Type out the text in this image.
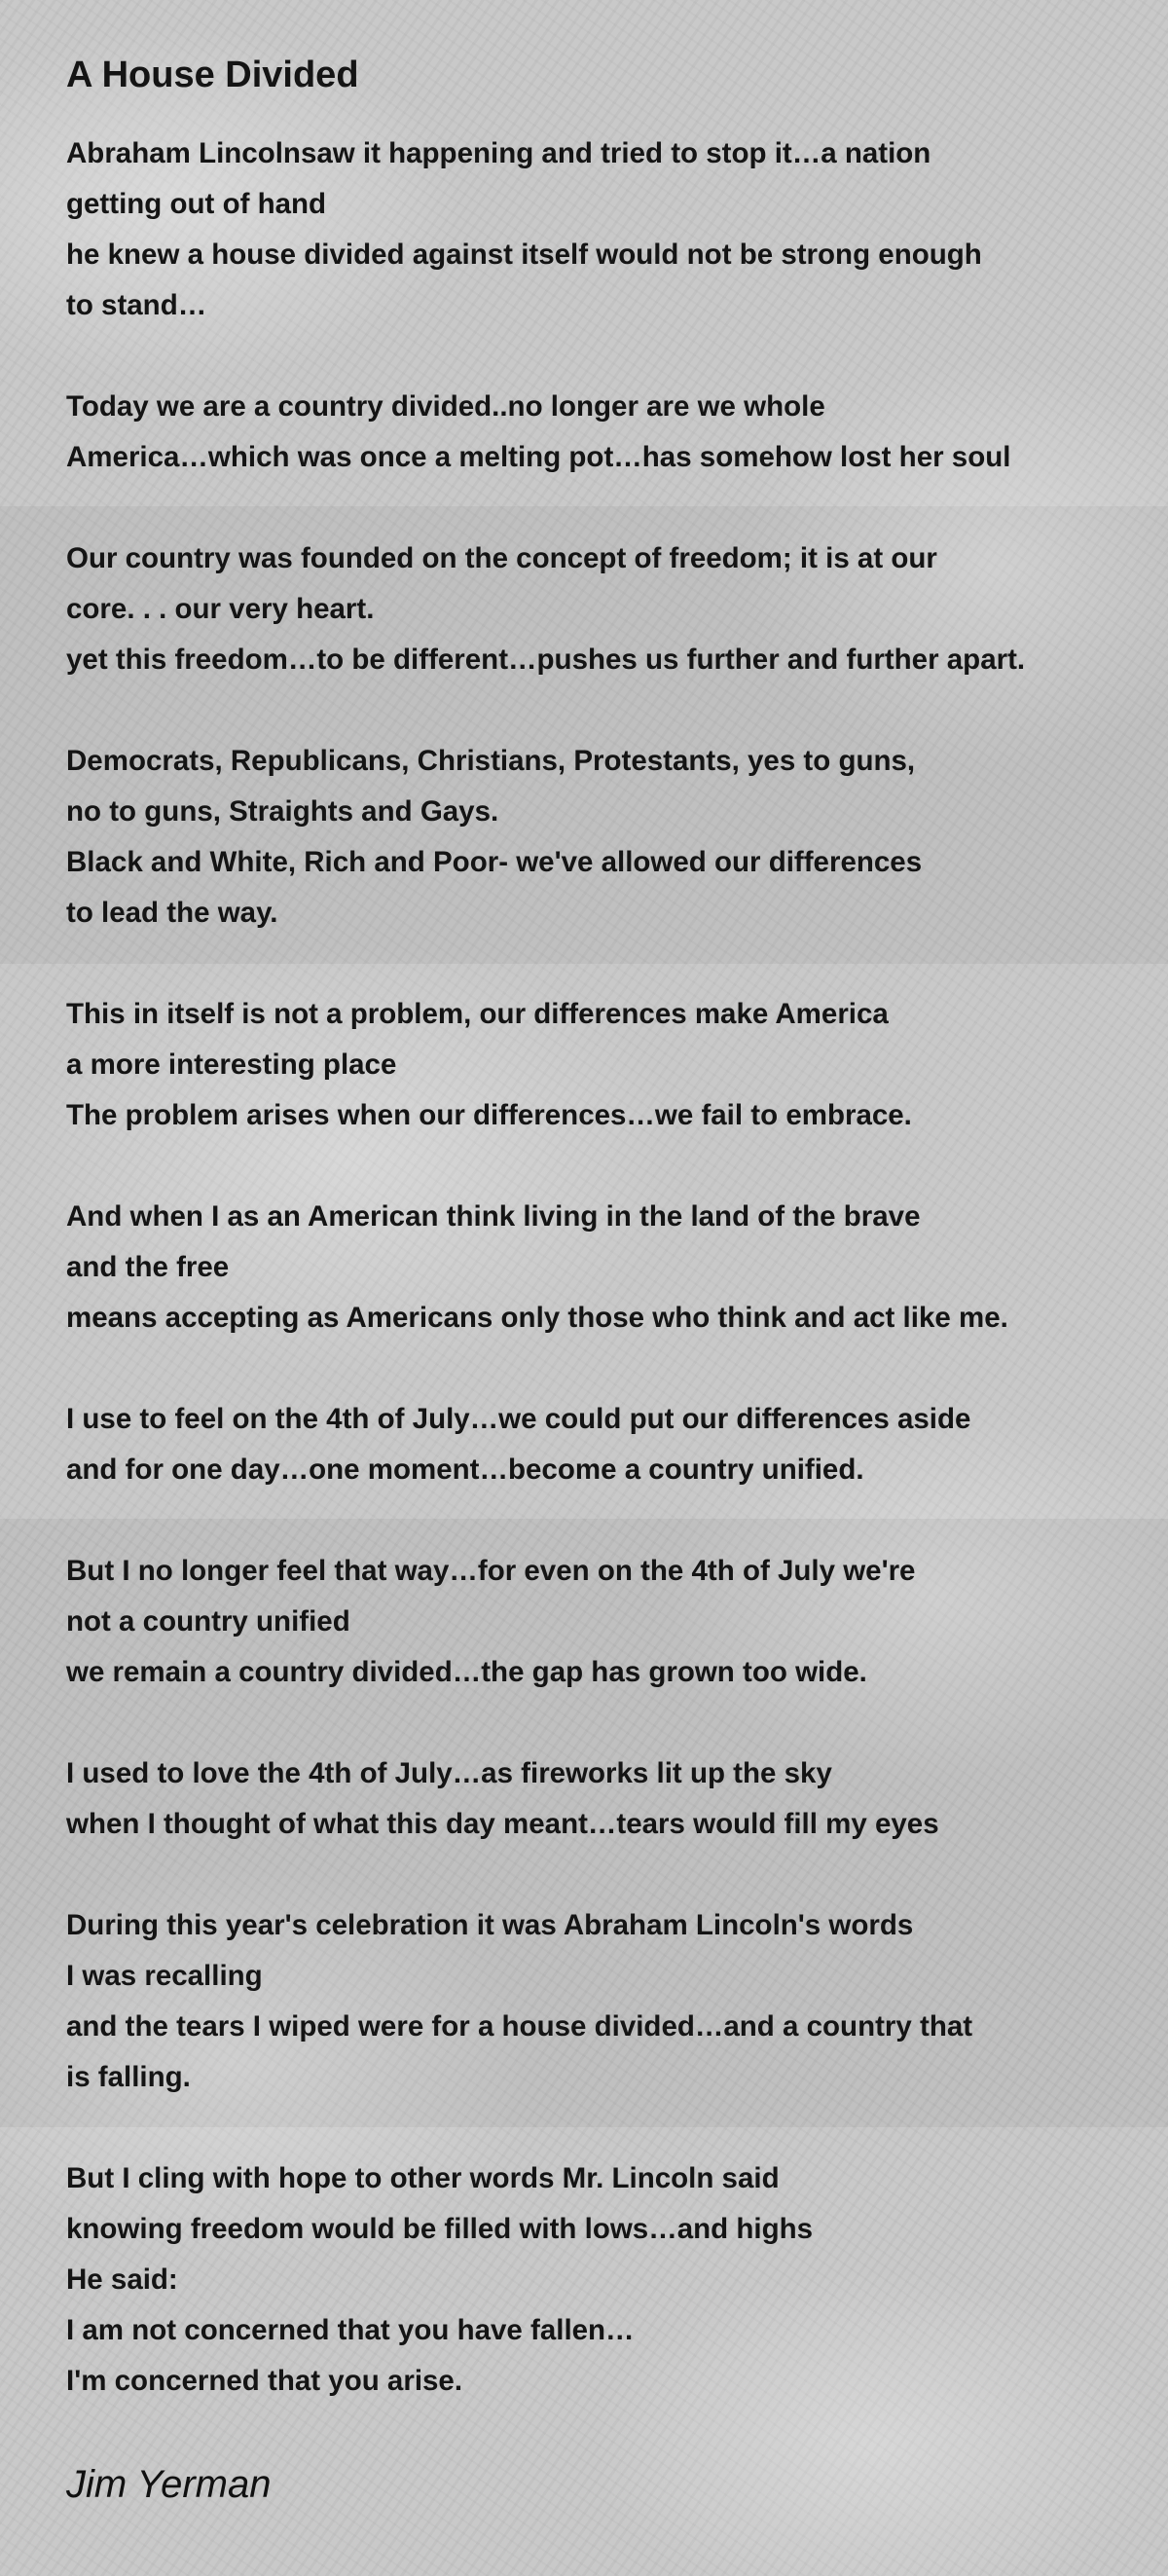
A House Divided
Abraham Lincolnsaw it happening and tried to stop it…a nation
getting out of hand
he knew a house divided against itself would not be strong enough
to stand…
Today we are a country divided..no longer are we whole
America…which was once a melting pot…has somehow lost her soul
Our country was founded on the concept of freedom; it is at our
core. . . our very heart.
yet this freedom…to be different…pushes us further and further apart.
Democrats, Republicans, Christians, Protestants, yes to guns,
no to guns, Straights and Gays.
Black and White, Rich and Poor- we've allowed our differences
to lead the way.
This in itself is not a problem, our differences make America
a more interesting place
The problem arises when our differences…we fail to embrace.
And when I as an American think living in the land of the brave
and the free
means accepting as Americans only those who think and act like me.
I use to feel on the 4th of July…we could put our differences aside
and for one day…one moment…become a country unified.
But I no longer feel that way…for even on the 4th of July we're
not a country unified
we remain a country divided…the gap has grown too wide.
I used to love the 4th of July…as fireworks lit up the sky
when I thought of what this day meant…tears would fill my eyes
During this year's celebration it was Abraham Lincoln's words
I was recalling
and the tears I wiped were for a house divided…and a country that
is falling.
But I cling with hope to other words Mr. Lincoln said
knowing freedom would be filled with lows…and highs
He said:
I am not concerned that you have fallen…
I'm concerned that you arise.
Jim Yerman
